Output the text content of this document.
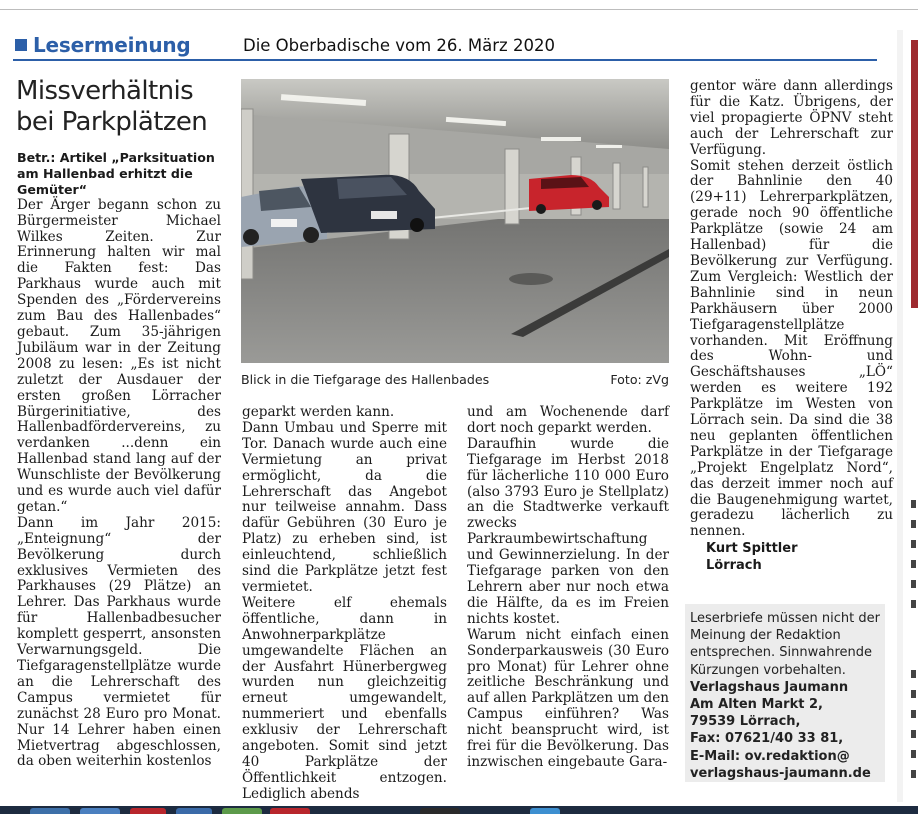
Lesermeinung	Die Oberbadische vom 26. März 2020
Missverhältnis
bei Parkplätzen

Betr.: Artikel „Parksituation am Hallenbad erhitzt die Gemüter“

Der Ärger begann schon zu Bürgermeister Michael Wilkes Zeiten. Zur Erinnerung halten wir mal die Fakten fest: Das Parkhaus wurde auch mit Spenden des „Fördervereins zum Bau des Hallenbades“ gebaut. Zum 35-jährigen Jubiläum war in der Zeitung 2008 zu lesen: „Es ist nicht zuletzt der Ausdauer der ersten großen Lörracher Bürgerinitiative, des Hallenbadfördervereins, zu verdanken ...denn ein Hallenbad stand lang auf der Wunschliste der Bevölkerung und es wurde auch viel dafür getan.“

Dann im Jahr 2015: „Enteignung“ der Bevölkerung durch exklusives Vermieten des Parkhauses (29 Plätze) an Lehrer. Das Parkhaus wurde für Hallenbadbesucher komplett gesperrt, ansonsten Verwarnungsgeld. Die Tiefgaragenstellplätze wurde an die Lehrerschaft des Campus vermietet für zunächst 28 Euro pro Monat. Nur 14 Lehrer haben einen Mietvertrag abgeschlossen, da oben weiterhin kostenlos

Blick in die Tiefgarage des Hallenbades	Foto: zVg

geparkt werden kann.

Dann Umbau und Sperre mit Tor. Danach wurde auch eine Vermietung an privat ermöglicht, da die Lehrerschaft das Angebot nur teilweise annahm. Dass dafür Gebühren (30 Euro je Platz) zu erheben sind, ist einleuchtend, schließlich sind die Parkplätze jetzt fest vermietet.

Weitere elf ehemals öffentliche, dann in Anwohnerparkplätze umgewandelte Flächen an der Ausfahrt Hünerbergweg wurden nun gleichzeitig erneut umgewandelt, nummeriert und ebenfalls exklusiv der Lehrerschaft angeboten. Somit sind jetzt 40 Parkplätze der Öffentlichkeit entzogen. Lediglich abends

und am Wochenende darf dort noch geparkt werden.

Daraufhin wurde die Tiefgarage im Herbst 2018 für lächerliche 110 000 Euro (also 3793 Euro je Stellplatz) an die Stadtwerke verkauft zwecks Parkraumbewirtschaftung und Gewinnerzielung. In der Tiefgarage parken von den Lehrern aber nur noch etwa die Hälfte, da es im Freien nichts kostet.

Warum nicht einfach einen Sonderparkausweis (30 Euro pro Monat) für Lehrer ohne zeitliche Beschränkung und auf allen Parkplätzen um den Campus einführen? Was nicht beansprucht wird, ist frei für die Bevölkerung. Das inzwischen eingebaute Gara-

gentor wäre dann allerdings für die Katz. Übrigens, der viel propagierte ÖPNV steht auch der Lehrerschaft zur Verfügung.

Somit stehen derzeit östlich der Bahnlinie den 40 (29+11) Lehrerparkplätzen, gerade noch 90 öffentliche Parkplätze (sowie 24 am Hallenbad) für die Bevölkerung zur Verfügung. Zum Vergleich: Westlich der Bahnlinie sind in neun Parkhäusern über 2000 Tiefgaragenstellplätze vorhanden. Mit Eröffnung des Wohn- und Geschäftshauses „LÖ“ werden es weitere 192 Parkplätze im Westen von Lörrach sein. Da sind die 38 neu geplanten öffentlichen Parkplätze in der Tiefgarage „Projekt Engelplatz Nord“, das derzeit immer noch auf die Baugenehmigung wartet, geradezu lächerlich zu nennen.

Kurt Spittler

Lörrach

Leserbriefe müssen nicht der Meinung der Redaktion entsprechen. Sinnwahrende Kürzungen vorbehalten.
Verlagshaus Jaumann
Am Alten Markt 2,
79539 Lörrach,
Fax: 07621/40 33 81,
E-Mail: ov.redaktion@
verlagshaus-jaumann.de
